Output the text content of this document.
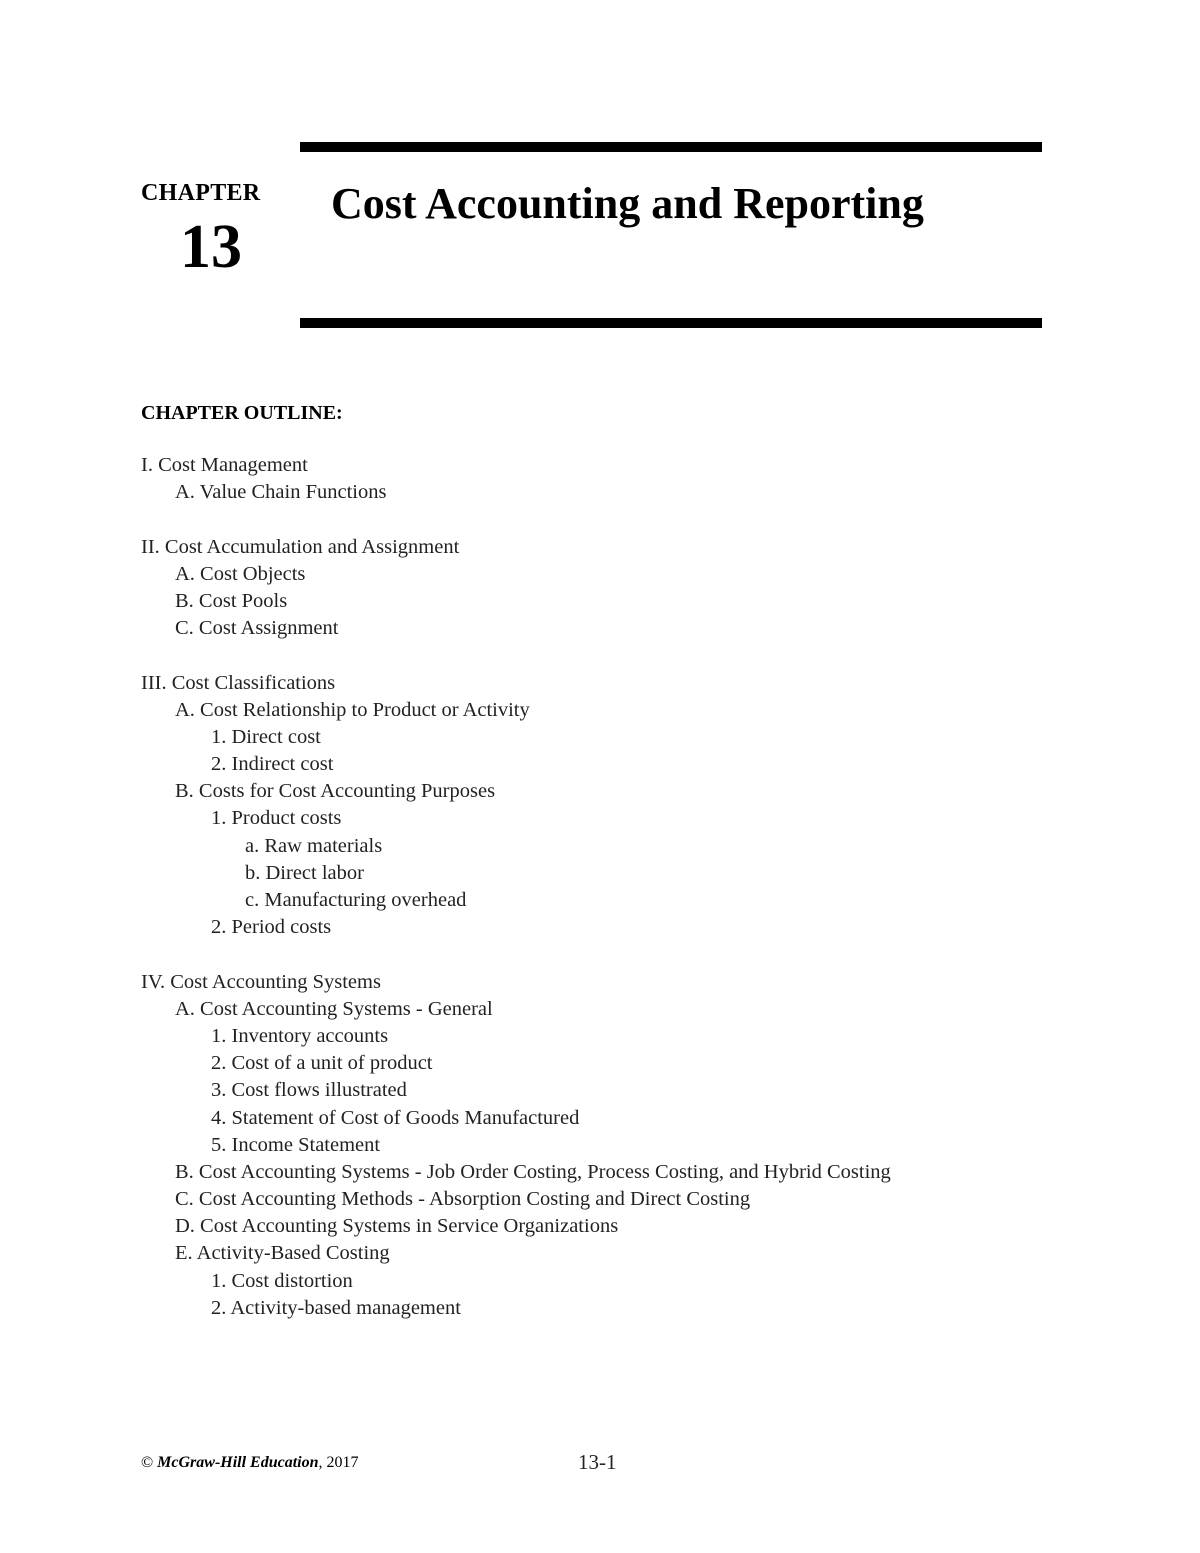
CHAPTER
13
Cost Accounting and Reporting
CHAPTER OUTLINE:
I. Cost Management
A. Value Chain Functions
II. Cost Accumulation and Assignment
A. Cost Objects
B. Cost Pools
C. Cost Assignment
III. Cost Classifications
A. Cost Relationship to Product or Activity
1. Direct cost
2. Indirect cost
B. Costs for Cost Accounting Purposes
1. Product costs
a. Raw materials
b. Direct labor
c. Manufacturing overhead
2. Period costs
IV. Cost Accounting Systems
A. Cost Accounting Systems - General
1. Inventory accounts
2. Cost of a unit of product
3. Cost flows illustrated
4. Statement of Cost of Goods Manufactured
5. Income Statement
B. Cost Accounting Systems - Job Order Costing, Process Costing, and Hybrid Costing
C. Cost Accounting Methods - Absorption Costing and Direct Costing
D. Cost Accounting Systems in Service Organizations
E. Activity-Based Costing
1. Cost distortion
2. Activity-based management
© McGraw-Hill Education, 2017	13-1
